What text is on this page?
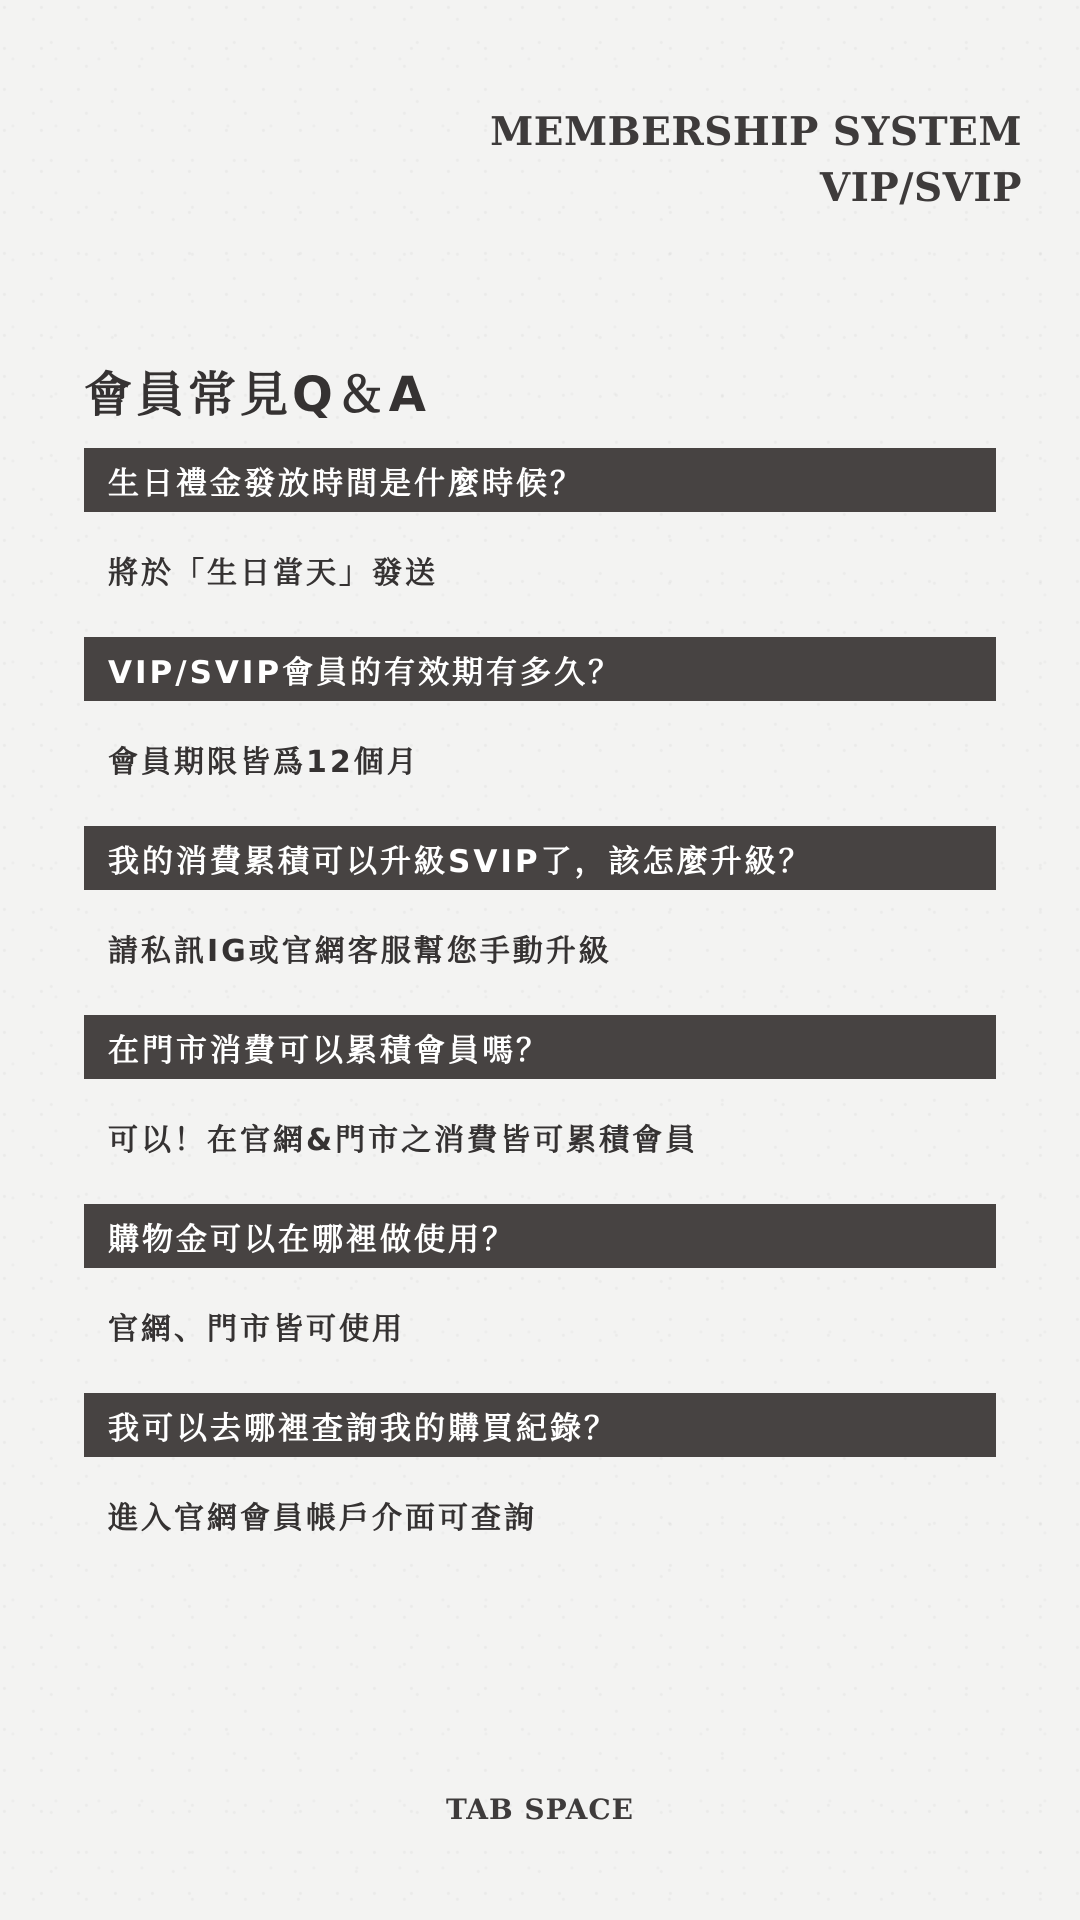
MEMBERSHIP SYSTEM
VIP/SVIP
會員常見Q＆A
生日禮金發放時間是什麼時候？
將於「生日當天」發送
VIP/SVIP會員的有效期有多久？
會員期限皆爲12個月
我的消費累積可以升級SVIP了，該怎麼升級？
請私訊IG或官網客服幫您手動升級
在門市消費可以累積會員嗎？
可以！在官網&門市之消費皆可累積會員
購物金可以在哪裡做使用？
官網、門市皆可使用
我可以去哪裡查詢我的購買紀錄？
進入官網會員帳戶介面可查詢
TAB SPACE
